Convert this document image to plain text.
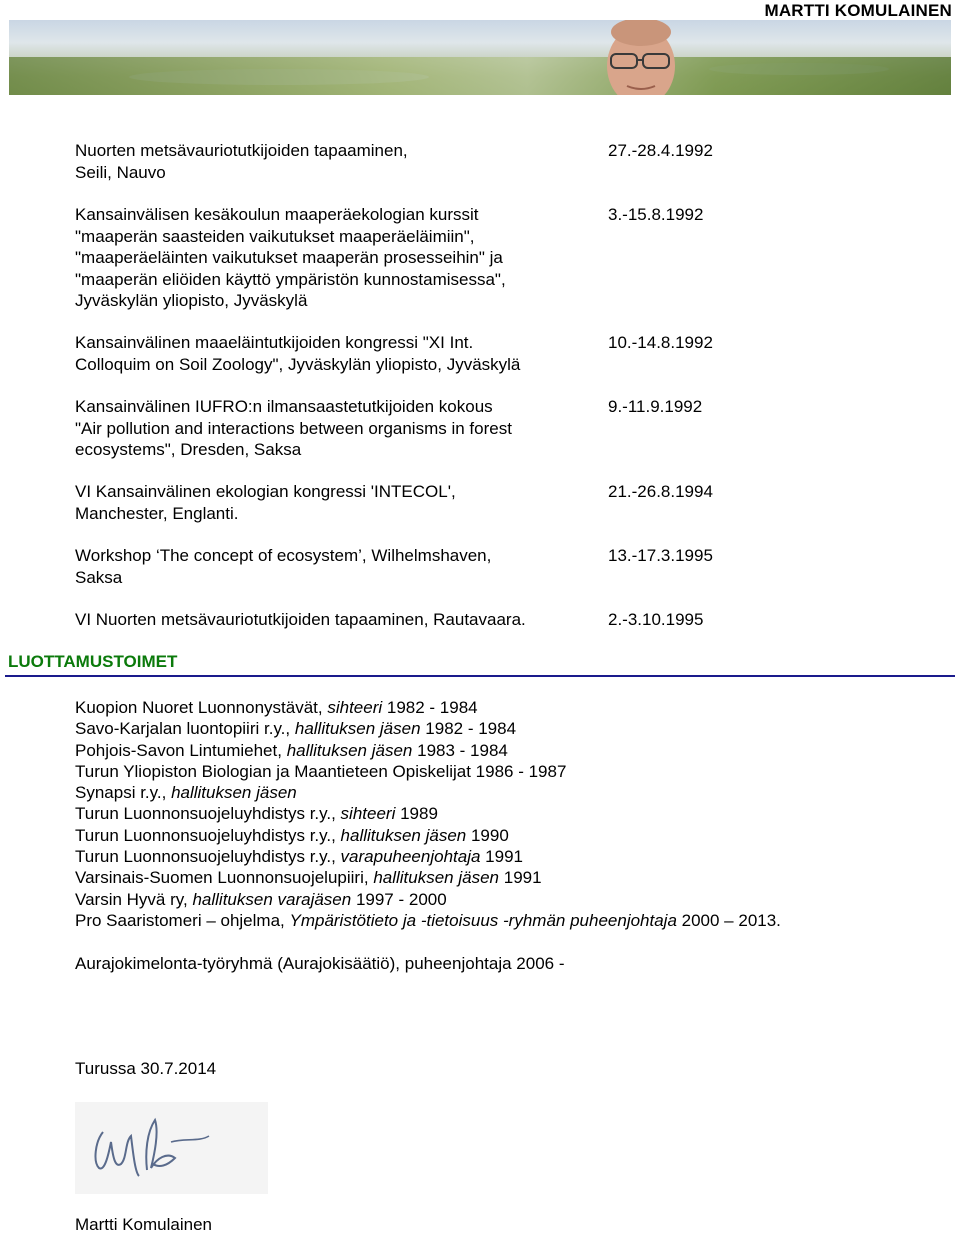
MARTTI KOMULAINEN
Nuorten metsävauriotutkijoiden tapaaminen,
Seili, Nauvo
27.-28.4.1992
Kansainvälisen kesäkoulun maaperäekologian kurssit
"maaperän saasteiden vaikutukset maaperäeläimiin",
"maaperäeläinten vaikutukset maaperän prosesseihin" ja
"maaperän eliöiden käyttö ympäristön kunnostamisessa",
Jyväskylän yliopisto, Jyväskylä
3.-15.8.1992
Kansainvälinen maaeläintutkijoiden kongressi "XI Int.
Colloquim on Soil Zoology", Jyväskylän yliopisto, Jyväskylä
10.-14.8.1992
Kansainvälinen IUFRO:n ilmansaastetutkijoiden kokous
"Air pollution and interactions between organisms in forest
ecosystems", Dresden, Saksa
9.-11.9.1992
VI Kansainvälinen ekologian kongressi 'INTECOL',
Manchester, Englanti.
21.-26.8.1994
Workshop ‘The concept of ecosystem’, Wilhelmshaven,
Saksa
13.-17.3.1995
VI Nuorten metsävauriotutkijoiden tapaaminen, Rautavaara.	2.-3.10.1995
LUOTTAMUSTOIMET
Kuopion Nuoret Luonnonystävät, sihteeri 1982 - 1984
Savo-Karjalan luontopiiri r.y., hallituksen jäsen 1982 - 1984
Pohjois-Savon Lintumiehet, hallituksen jäsen 1983 - 1984
Turun Yliopiston Biologian ja Maantieteen Opiskelijat 1986 - 1987
Synapsi r.y., hallituksen jäsen
Turun Luonnonsuojeluyhdistys r.y., sihteeri 1989
Turun Luonnonsuojeluyhdistys r.y., hallituksen jäsen 1990
Turun Luonnonsuojeluyhdistys r.y., varapuheenjohtaja 1991
Varsinais-Suomen Luonnonsuojelupiiri, hallituksen jäsen 1991
Varsin Hyvä ry, hallituksen varajäsen 1997 - 2000
Pro Saaristomeri – ohjelma, Ympäristötieto ja -tietoisuus -ryhmän puheenjohtaja 2000 – 2013.
Aurajokimelonta-työryhmä (Aurajokisäätiö), puheenjohtaja 2006 -
Turussa 30.7.2014
Martti Komulainen
